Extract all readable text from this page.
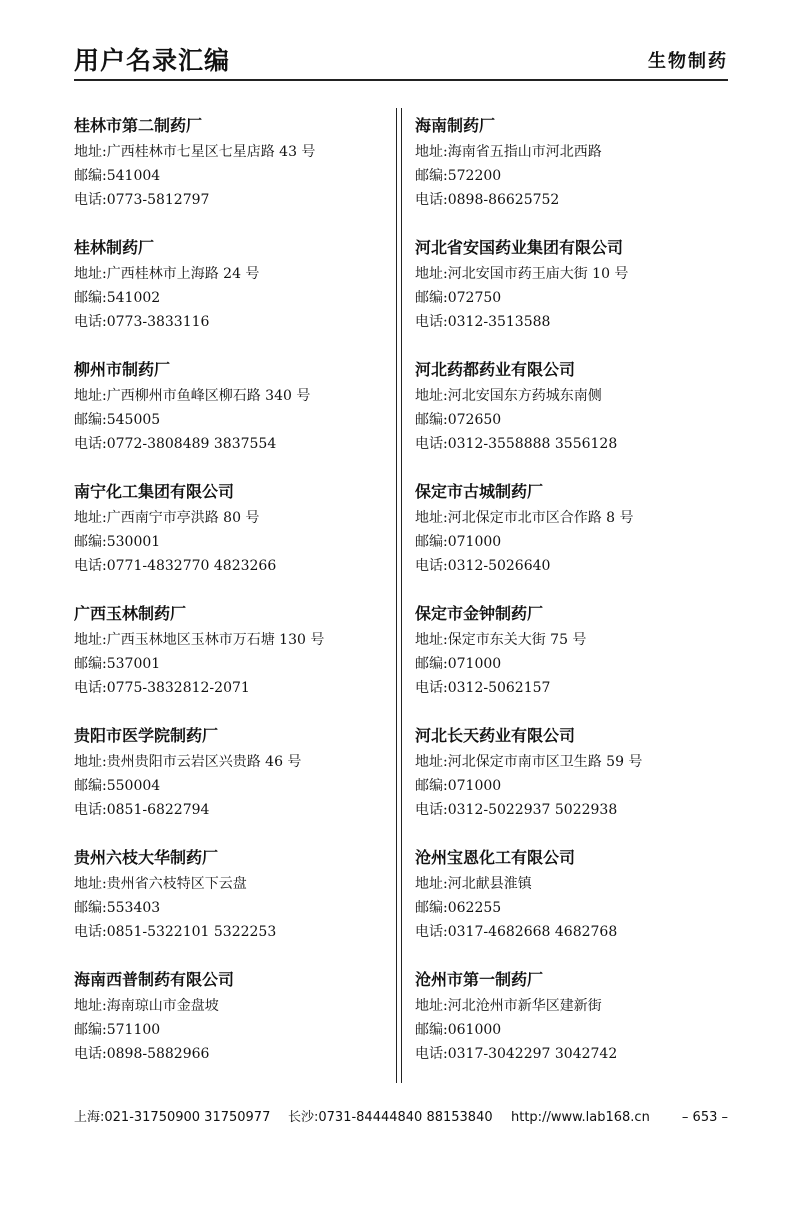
用户名录汇编	生物制药
桂林市第二制药厂
地址:广西桂林市七星区七星店路 43 号
邮编:541004
电话:0773-5812797
桂林制药厂
地址:广西桂林市上海路 24 号
邮编:541002
电话:0773-3833116
柳州市制药厂
地址:广西柳州市鱼峰区柳石路 340 号
邮编:545005
电话:0772-3808489 3837554
南宁化工集团有限公司
地址:广西南宁市亭洪路 80 号
邮编:530001
电话:0771-4832770 4823266
广西玉林制药厂
地址:广西玉林地区玉林市万石塘 130 号
邮编:537001
电话:0775-3832812-2071
贵阳市医学院制药厂
地址:贵州贵阳市云岩区兴贵路 46 号
邮编:550004
电话:0851-6822794
贵州六枝大华制药厂
地址:贵州省六枝特区下云盘
邮编:553403
电话:0851-5322101 5322253
海南西普制药有限公司
地址:海南琼山市金盘坡
邮编:571100
电话:0898-5882966
海南制药厂
地址:海南省五指山市河北西路
邮编:572200
电话:0898-86625752
河北省安国药业集团有限公司
地址:河北安国市药王庙大街 10 号
邮编:072750
电话:0312-3513588
河北药都药业有限公司
地址:河北安国东方药城东南侧
邮编:072650
电话:0312-3558888 3556128
保定市古城制药厂
地址:河北保定市北市区合作路 8 号
邮编:071000
电话:0312-5026640
保定市金钟制药厂
地址:保定市东关大街 75 号
邮编:071000
电话:0312-5062157
河北长天药业有限公司
地址:河北保定市南市区卫生路 59 号
邮编:071000
电话:0312-5022937 5022938
沧州宝恩化工有限公司
地址:河北献县淮镇
邮编:062255
电话:0317-4682668 4682768
沧州市第一制药厂
地址:河北沧州市新华区建新街
邮编:061000
电话:0317-3042297 3042742
上海:021-31750900 31750977 长沙:0731-84444840 88153840 http://www.lab168.cn – 653 –
